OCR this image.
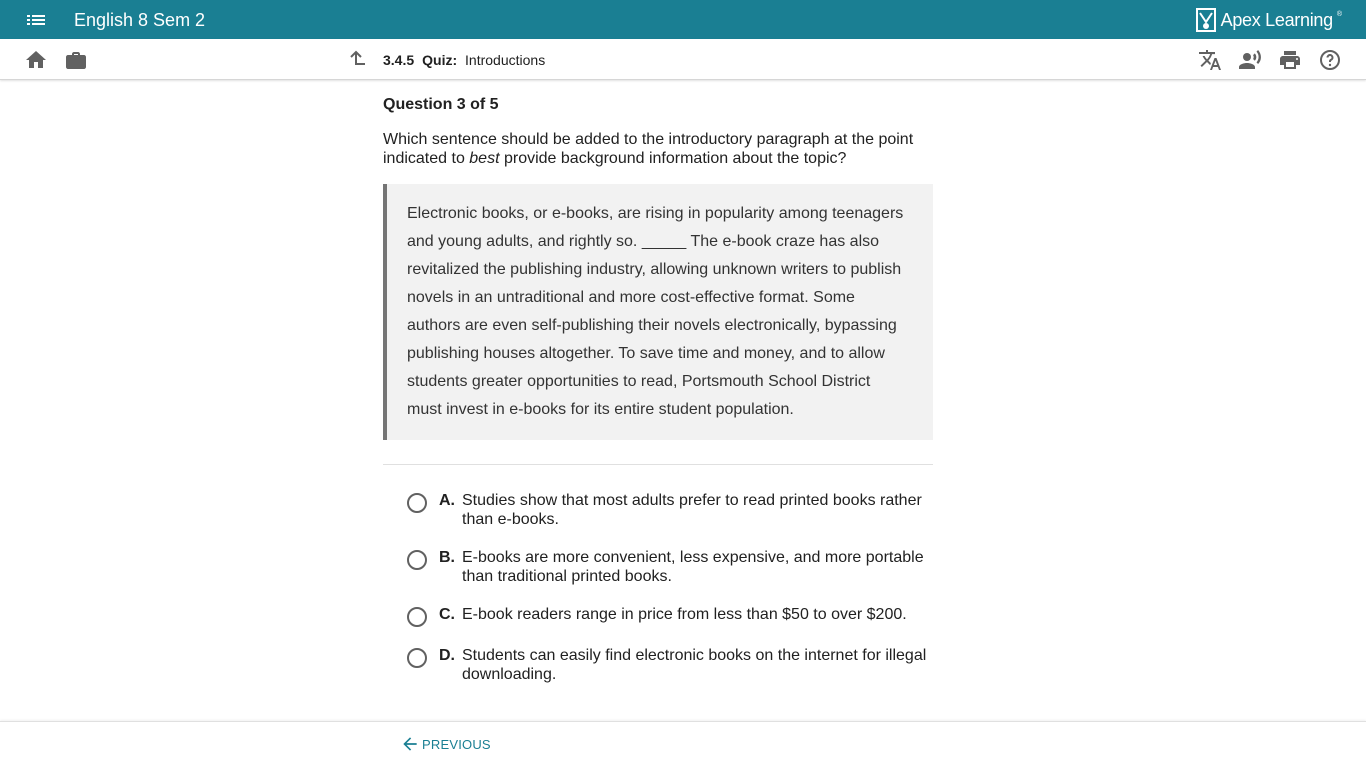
English 8 Sem 2	Apex Learning ®
3.4.5 Quiz: Introductions
Question 3 of 5
Which sentence should be added to the introductory paragraph at the point indicated to best provide background information about the topic?
Electronic books, or e-books, are rising in popularity among teenagers and young adults, and rightly so. _____ The e-book craze has also revitalized the publishing industry, allowing unknown writers to publish novels in an untraditional and more cost-effective format. Some authors are even self-publishing their novels electronically, bypassing publishing houses altogether. To save time and money, and to allow students greater opportunities to read, Portsmouth School District must invest in e-books for its entire student population.
A. Studies show that most adults prefer to read printed books rather than e-books.
B. E-books are more convenient, less expensive, and more portable than traditional printed books.
C. E-book readers range in price from less than $50 to over $200.
D. Students can easily find electronic books on the internet for illegal downloading.
PREVIOUS
